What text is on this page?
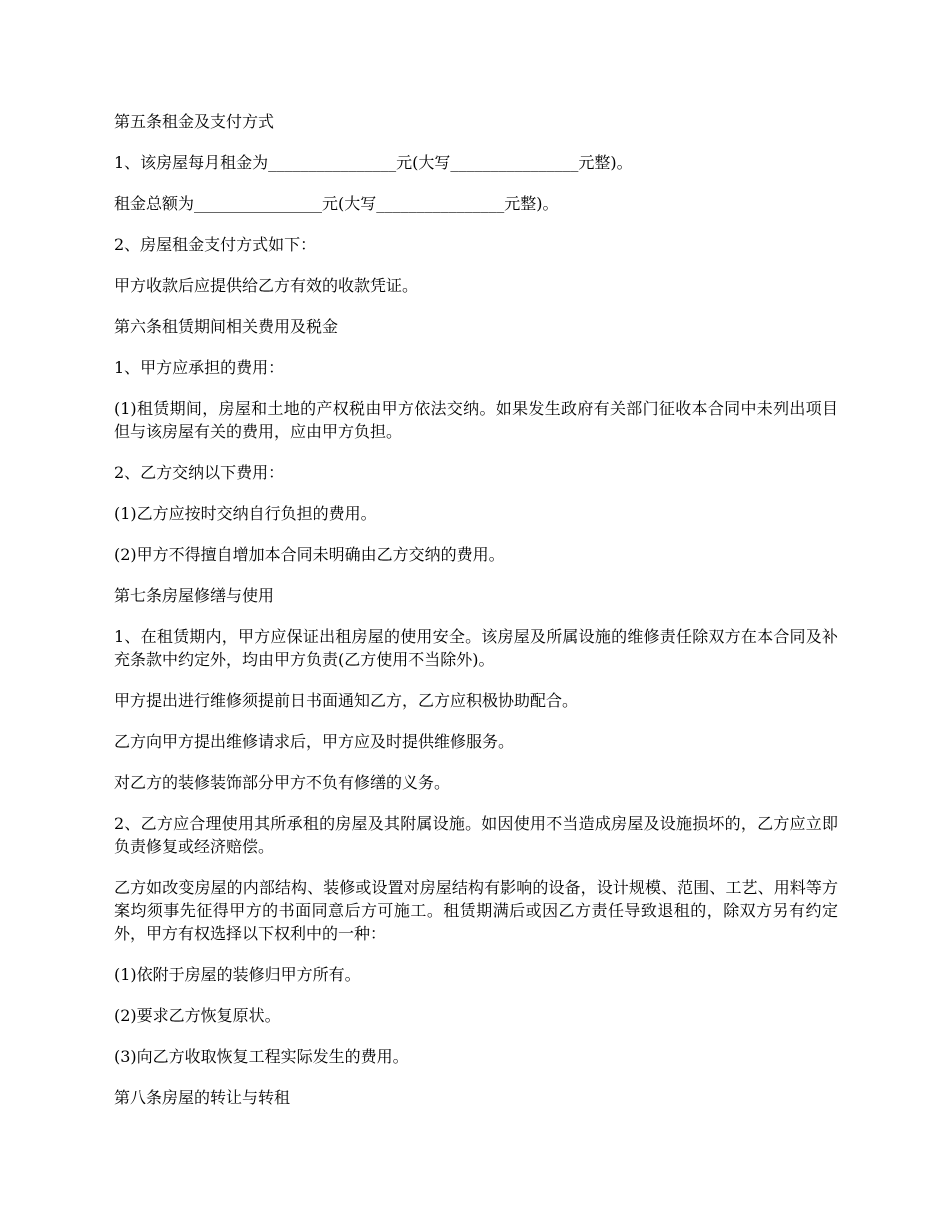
第五条租金及支付方式

1、该房屋每月租金为________________元(大写________________元整)。

租金总额为________________元(大写________________元整)。

2、房屋租金支付方式如下：

甲方收款后应提供给乙方有效的收款凭证。

第六条租赁期间相关费用及税金

1、甲方应承担的费用：

(1)租赁期间，房屋和土地的产权税由甲方依法交纳。如果发生政府有关部门征收本合同中未列出项目但与该房屋有关的费用，应由甲方负担。

2、乙方交纳以下费用：

(1)乙方应按时交纳自行负担的费用。

(2)甲方不得擅自增加本合同未明确由乙方交纳的费用。

第七条房屋修缮与使用

1、在租赁期内，甲方应保证出租房屋的使用安全。该房屋及所属设施的维修责任除双方在本合同及补充条款中约定外，均由甲方负责(乙方使用不当除外)。

甲方提出进行维修须提前日书面通知乙方，乙方应积极协助配合。

乙方向甲方提出维修请求后，甲方应及时提供维修服务。

对乙方的装修装饰部分甲方不负有修缮的义务。

2、乙方应合理使用其所承租的房屋及其附属设施。如因使用不当造成房屋及设施损坏的，乙方应立即负责修复或经济赔偿。

乙方如改变房屋的内部结构、装修或设置对房屋结构有影响的设备，设计规模、范围、工艺、用料等方案均须事先征得甲方的书面同意后方可施工。租赁期满后或因乙方责任导致退租的，除双方另有约定外，甲方有权选择以下权利中的一种：

(1)依附于房屋的装修归甲方所有。

(2)要求乙方恢复原状。

(3)向乙方收取恢复工程实际发生的费用。

第八条房屋的转让与转租
